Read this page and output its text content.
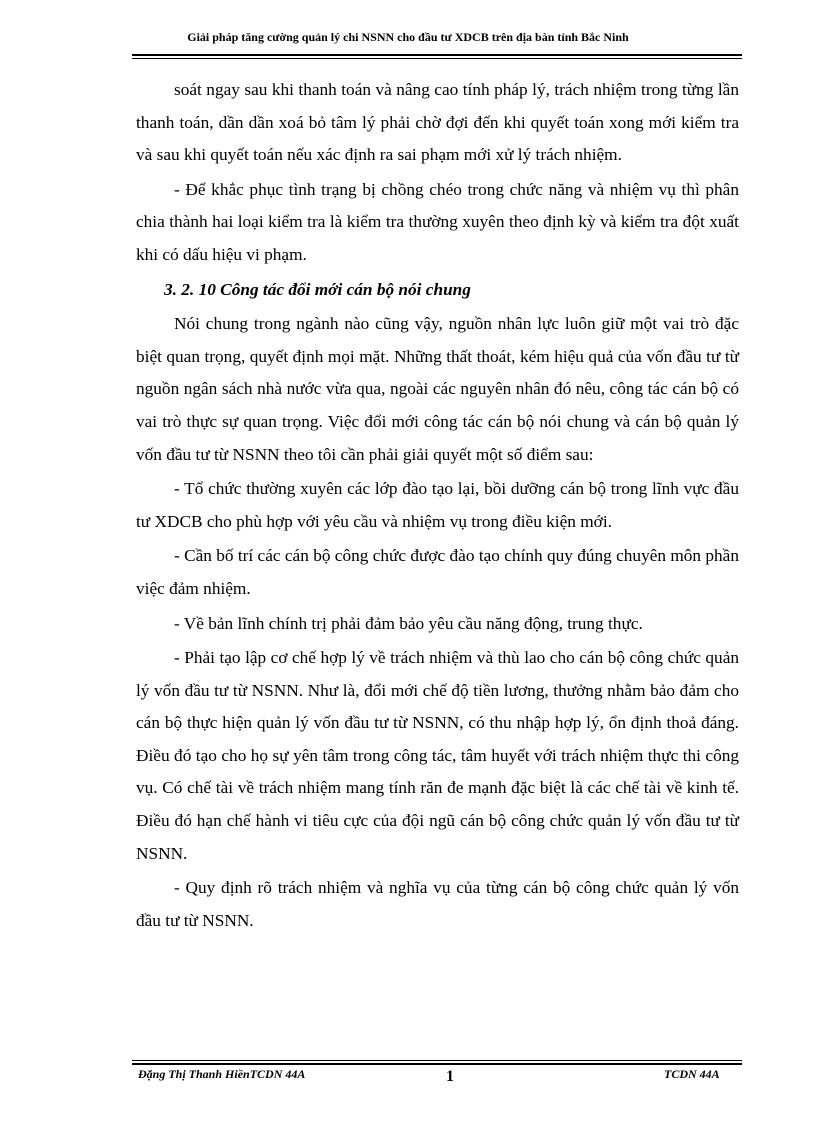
Giải pháp tăng cường quản lý chi NSNN cho đầu tư XDCB trên địa bàn tỉnh Bắc Ninh

soát ngay sau khi thanh toán và nâng cao tính pháp lý, trách nhiệm trong từng lần thanh toán, dần dần xoá bỏ tâm lý phải chờ đợi đến khi quyết toán xong mới kiểm tra và sau khi quyết toán nếu xác định ra sai phạm mới xử lý trách nhiệm.

- Để khắc phục tình trạng bị chồng chéo trong chức năng và nhiệm vụ thì phân chia thành hai loại kiểm tra là kiểm tra thường xuyên theo định kỳ và kiểm tra đột xuất khi có dấu hiệu vi phạm.

3. 2. 10 Công tác đổi mới cán bộ nói chung

Nói chung trong ngành nào cũng vậy, nguồn nhân lực luôn giữ một vai trò đặc biệt quan trọng, quyết định mọi mặt. Những thất thoát, kém hiệu quả của vốn đầu tư từ nguồn ngân sách nhà nước vừa qua, ngoài các nguyên nhân đó nêu, công tác cán bộ có vai trò thực sự quan trọng. Việc đổi mới công tác cán bộ nói chung và cán bộ quản lý vốn đầu tư từ NSNN theo tôi cần phải giải quyết một số điểm sau:

- Tổ chức thường xuyên các lớp đào tạo lại, bồi dưỡng cán bộ trong lĩnh vực đầu tư XDCB cho phù hợp với yêu cầu và nhiệm vụ trong điều kiện mới.

- Cần bố trí các cán bộ công chức được đào tạo chính quy đúng chuyên môn phần việc đảm nhiệm.

- Về bản lĩnh chính trị phải đảm bảo yêu cầu năng động, trung thực.

- Phải tạo lập cơ chế hợp lý về trách nhiệm và thù lao cho cán bộ công chức quản lý vốn đầu tư từ NSNN. Như là, đổi mới chế độ tiền lương, thưởng nhằm bảo đảm cho cán bộ thực hiện quản lý vốn đầu tư từ NSNN, có thu nhập hợp lý, ổn định thoả đáng. Điều đó tạo cho họ sự yên tâm trong công tác, tâm huyết với trách nhiệm thực thi công vụ. Có chế tài về trách nhiệm mang tính răn đe mạnh đặc biệt là các chế tài về kinh tế. Điều đó hạn chế hành vi tiêu cực của đội ngũ cán bộ công chức quản lý vốn đầu tư từ NSNN.

- Quy định rõ trách nhiệm và nghĩa vụ của từng cán bộ công chức quản lý vốn đầu tư từ NSNN.

Đặng Thị Thanh HiềnTCDN 44A	1	TCDN 44A
